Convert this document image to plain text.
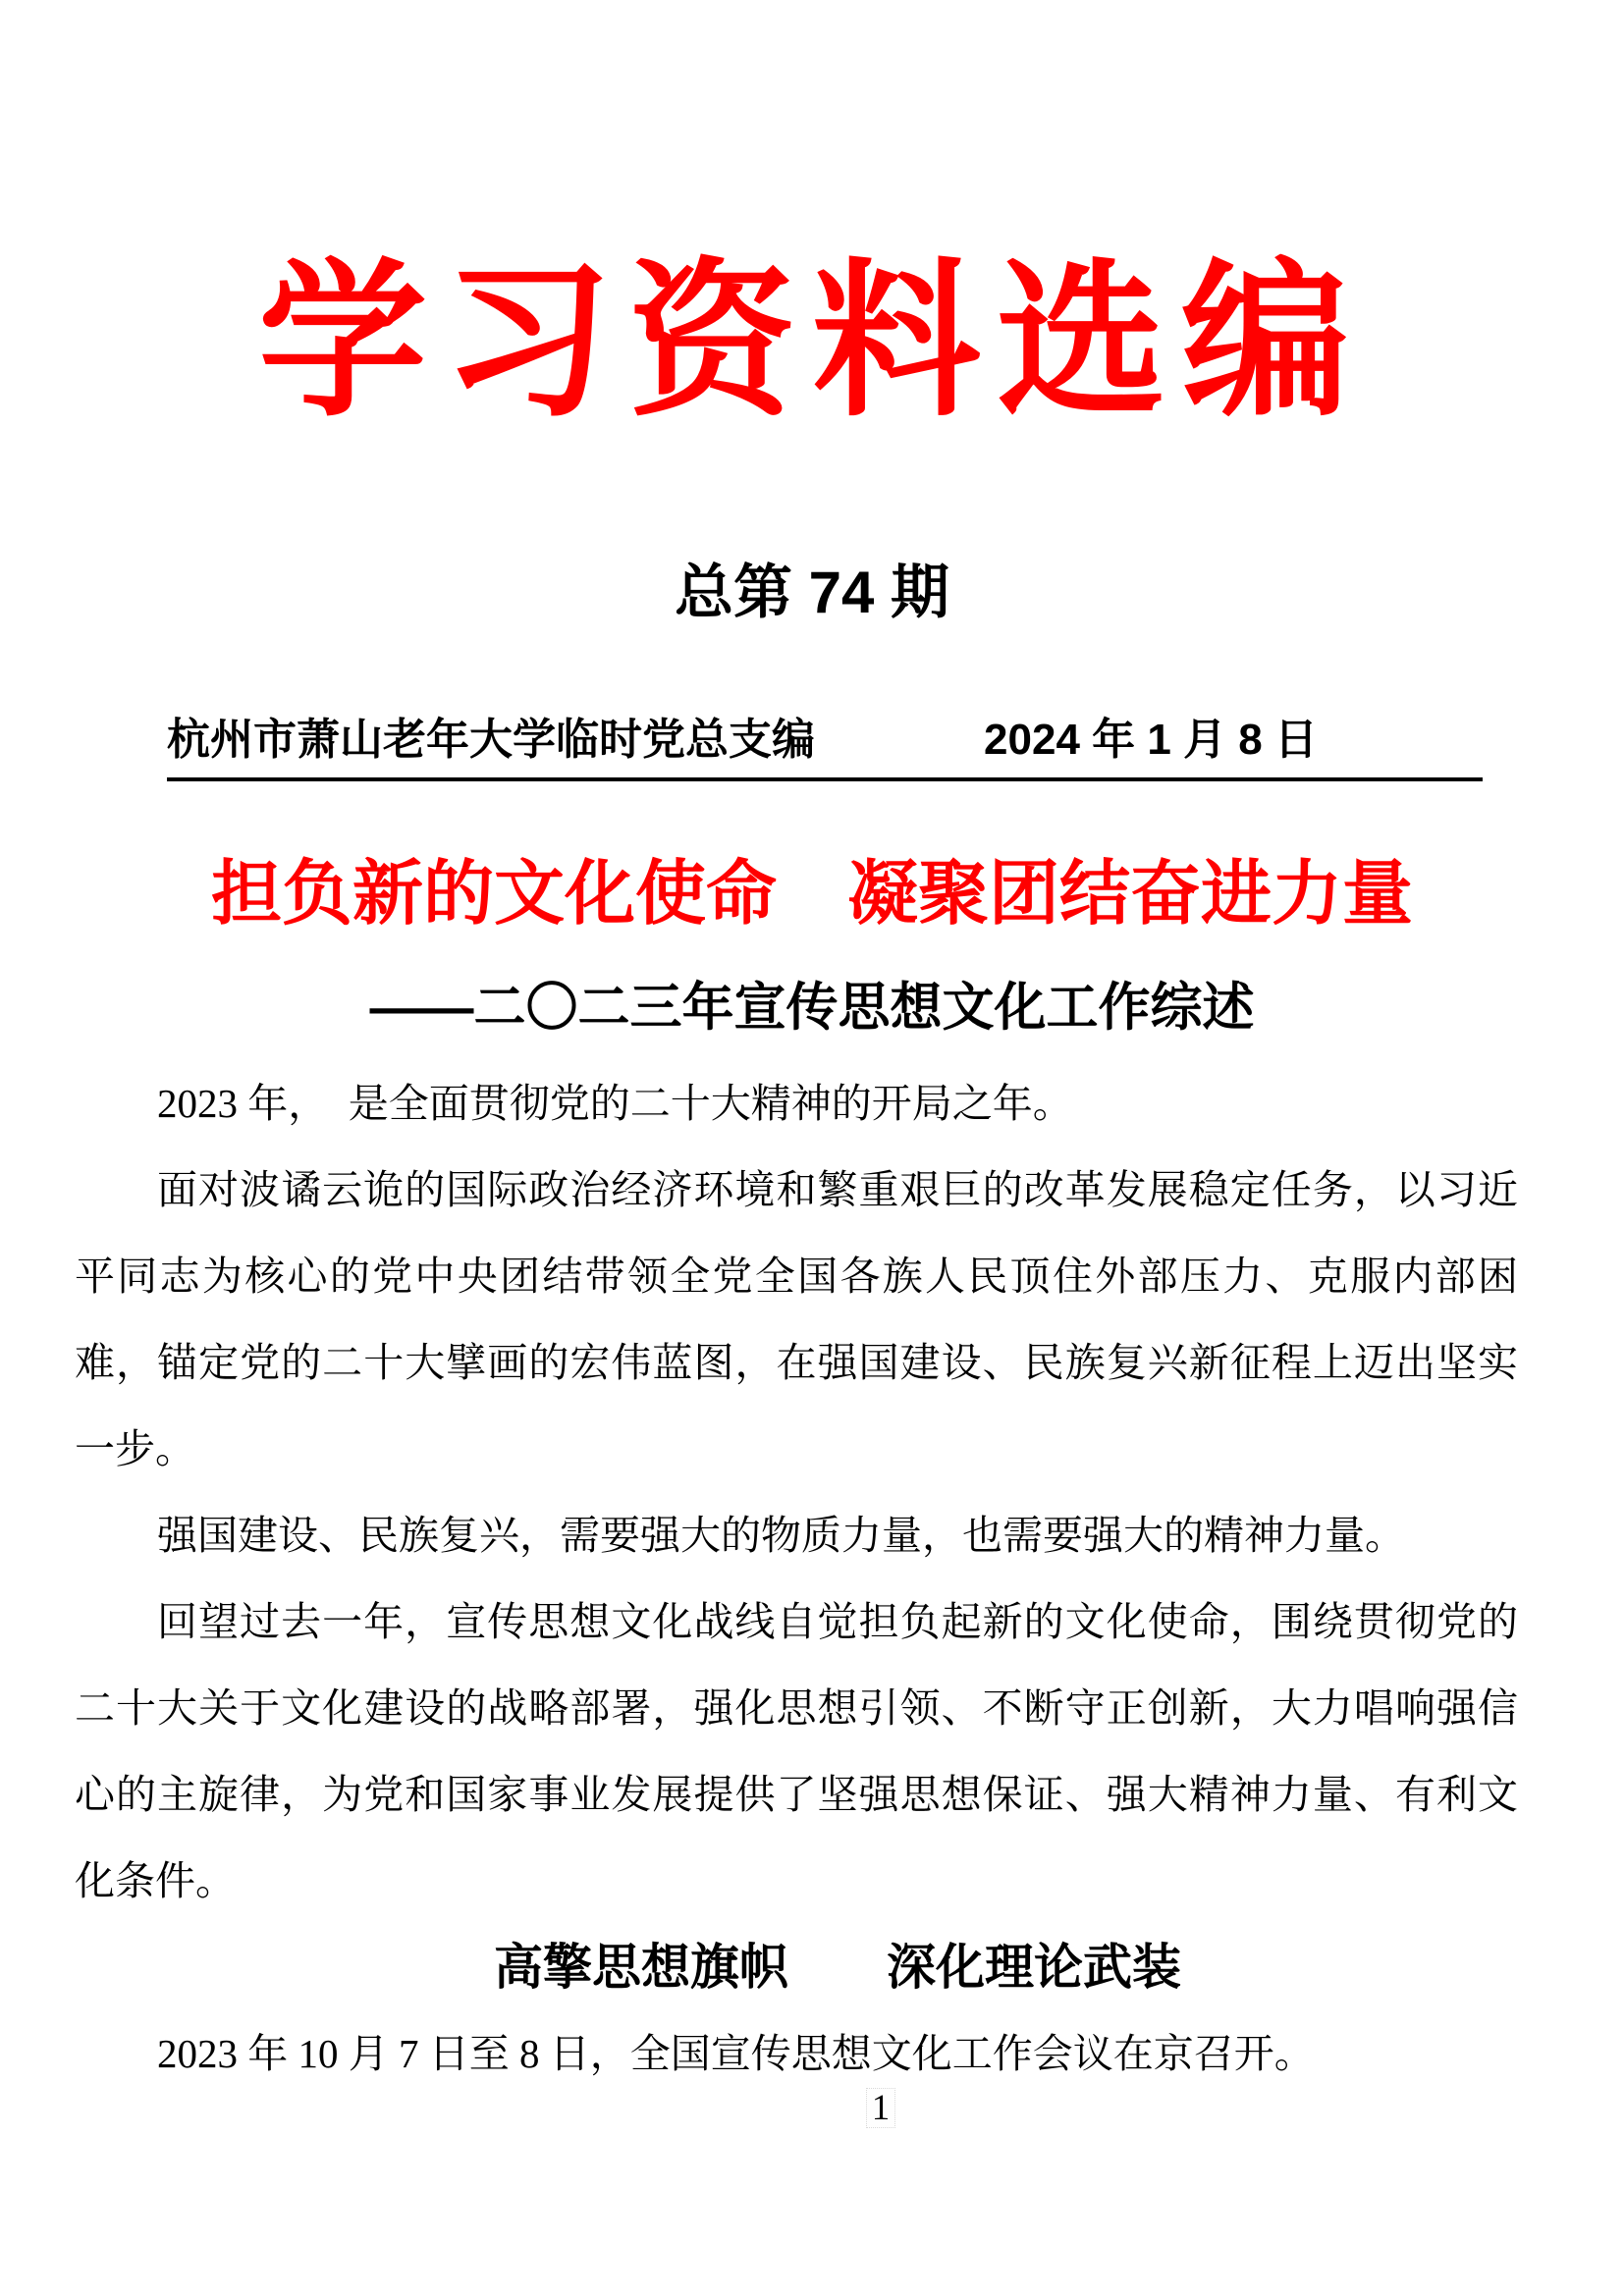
学习资料选编
总第 74 期
杭州市萧山老年大学临时党总支编	2024 年 1 月 8 日
担负新的文化使命　凝聚团结奋进力量
——二〇二三年宣传思想文化工作综述

2023 年，　是全面贯彻党的二十大精神的开局之年。

面对波谲云诡的国际政治经济环境和繁重艰巨的改革发展稳定任务，以习近平同志为核心的党中央团结带领全党全国各族人民顶住外部压力、克服内部困难，锚定党的二十大擘画的宏伟蓝图，在强国建设、民族复兴新征程上迈出坚实一步。

强国建设、民族复兴，需要强大的物质力量，也需要强大的精神力量。

回望过去一年，宣传思想文化战线自觉担负起新的文化使命，围绕贯彻党的二十大关于文化建设的战略部署，强化思想引领、不断守正创新，大力唱响强信心的主旋律，为党和国家事业发展提供了坚强思想保证、强大精神力量、有利文化条件。

高擎思想旗帜　　深化理论武装

2023 年 10 月 7 日至 8 日，全国宣传思想文化工作会议在京召开。

1
